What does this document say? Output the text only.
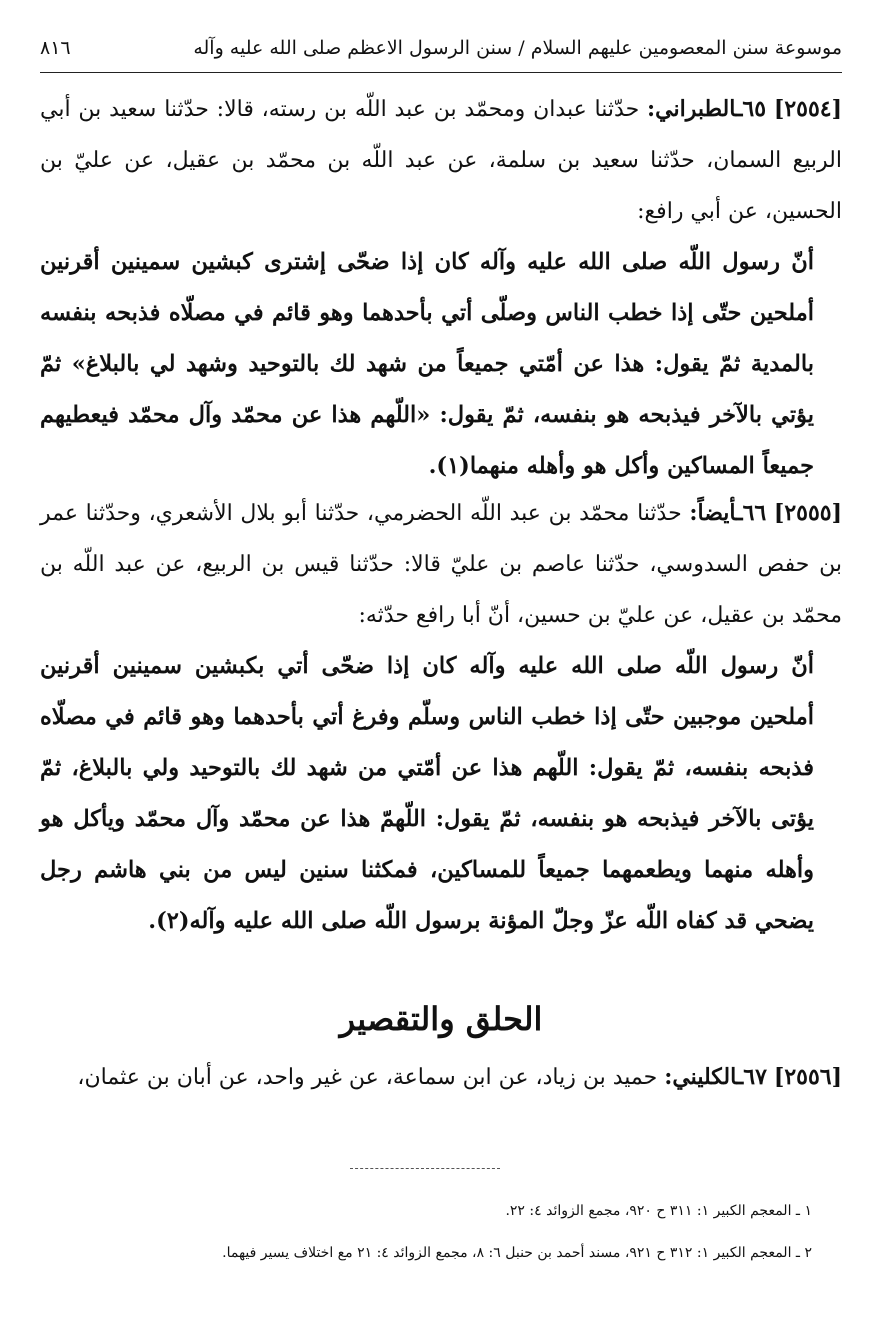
موسوعة سنن المعصومين عليهم السلام / سنن الرسول الاعظم صلى الله عليه وآله
٨١٦

[٢٥٥٤] ٦٥ـالطبراني: حدّثنا عبدان ومحمّد بن عبد اللّه بن رسته، قالا: حدّثنا سعيد بن أبي الربيع السمان، حدّثنا سعيد بن سلمة، عن عبد اللّه بن محمّد بن عقيل، عن عليّ بن الحسين، عن أبي رافع:

أنّ رسول اللّه صلى الله عليه وآله كان إذا ضحّى إشترى كبشين سمينين أقرنين أملحين حتّى إذا خطب الناس وصلّى أتي بأحدهما وهو قائم في مصلّاه فذبحه بنفسه بالمدية ثمّ يقول: هذا عن أمّتي جميعاً من شهد لك بالتوحيد وشهد لي بالبلاغ» ثمّ يؤتي بالآخر فيذبحه هو بنفسه، ثمّ يقول: «اللّهم هذا عن محمّد وآل محمّد فيعطيهم جميعاً المساكين وأكل هو وأهله منهما(١).

[٢٥٥٥] ٦٦ـأيضاً: حدّثنا محمّد بن عبد اللّه الحضرمي، حدّثنا أبو بلال الأشعري، وحدّثنا عمر بن حفص السدوسي، حدّثنا عاصم بن عليّ قالا: حدّثنا قيس بن الربيع، عن عبد اللّه بن محمّد بن عقيل، عن عليّ بن حسين، أنّ أبا رافع حدّثه:

أنّ رسول اللّه صلى الله عليه وآله كان إذا ضحّى أتي بكبشين سمينين أقرنين أملحين موجبين حتّى إذا خطب الناس وسلّم وفرغ أتي بأحدهما وهو قائم في مصلّاه فذبحه بنفسه، ثمّ يقول: اللّهم هذا عن أمّتي من شهد لك بالتوحيد ولي بالبلاغ، ثمّ يؤتى بالآخر فيذبحه هو بنفسه، ثمّ يقول: اللّهمّ هذا عن محمّد وآل محمّد ويأكل هو وأهله منهما ويطعمهما جميعاً للمساكين، فمكثنا سنين ليس من بني هاشم رجل يضحي قد كفاه اللّه عزّ وجلّ المؤنة برسول اللّه صلى الله عليه وآله(٢).

الحلق والتقصير

[٢٥٥٦] ٦٧ـالكليني: حميد بن زياد، عن ابن سماعة، عن غير واحد، عن أبان بن عثمان،

١ ـ المعجم الكبير ١: ٣١١ ح ٩٢٠، مجمع الزوائد ٤: ٢٢.

٢ ـ المعجم الكبير ١: ٣١٢ ح ٩٢١، مسند أحمد بن حنبل ٦: ٨، مجمع الزوائد ٤: ٢١ مع اختلاف يسير فيهما.
